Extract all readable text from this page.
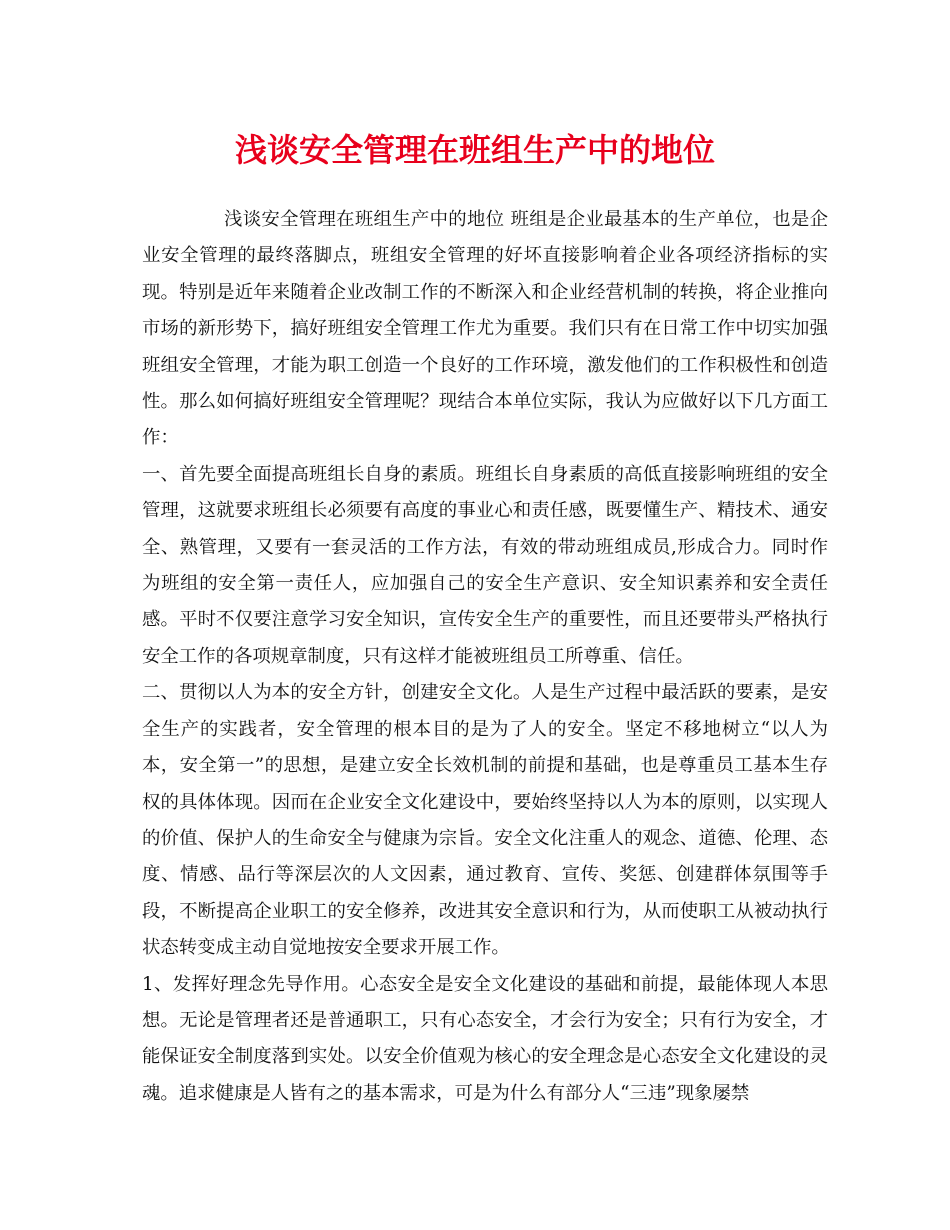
浅谈安全管理在班组生产中的地位

浅谈安全管理在班组生产中的地位 班组是企业最基本的生产单位，也是企业安全管理的最终落脚点，班组安全管理的好坏直接影响着企业各项经济指标的实现。特别是近年来随着企业改制工作的不断深入和企业经营机制的转换，将企业推向市场的新形势下，搞好班组安全管理工作尤为重要。我们只有在日常工作中切实加强班组安全管理，才能为职工创造一个良好的工作环境，激发他们的工作积极性和创造性。那么如何搞好班组安全管理呢？现结合本单位实际，我认为应做好以下几方面工作：

一、首先要全面提高班组长自身的素质。班组长自身素质的高低直接影响班组的安全管理，这就要求班组长必须要有高度的事业心和责任感，既要懂生产、精技术、通安全、熟管理，又要有一套灵活的工作方法，有效的带动班组成员,形成合力。同时作为班组的安全第一责任人，应加强自己的安全生产意识、安全知识素养和安全责任感。平时不仅要注意学习安全知识，宣传安全生产的重要性，而且还要带头严格执行安全工作的各项规章制度，只有这样才能被班组员工所尊重、信任。

二、贯彻以人为本的安全方针，创建安全文化。人是生产过程中最活跃的要素，是安全生产的实践者，安全管理的根本目的是为了人的安全。坚定不移地树立“以人为本，安全第一”的思想，是建立安全长效机制的前提和基础，也是尊重员工基本生存权的具体体现。因而在企业安全文化建设中，要始终坚持以人为本的原则，以实现人的价值、保护人的生命安全与健康为宗旨。安全文化注重人的观念、道德、伦理、态度、情感、品行等深层次的人文因素，通过教育、宣传、奖惩、创建群体氛围等手段，不断提高企业职工的安全修养，改进其安全意识和行为，从而使职工从被动执行状态转变成主动自觉地按安全要求开展工作。

1、发挥好理念先导作用。心态安全是安全文化建设的基础和前提，最能体现人本思想。无论是管理者还是普通职工，只有心态安全，才会行为安全；只有行为安全，才能保证安全制度落到实处。以安全价值观为核心的安全理念是心态安全文化建设的灵魂。追求健康是人皆有之的基本需求，可是为什么有部分人“三违”现象屡禁
